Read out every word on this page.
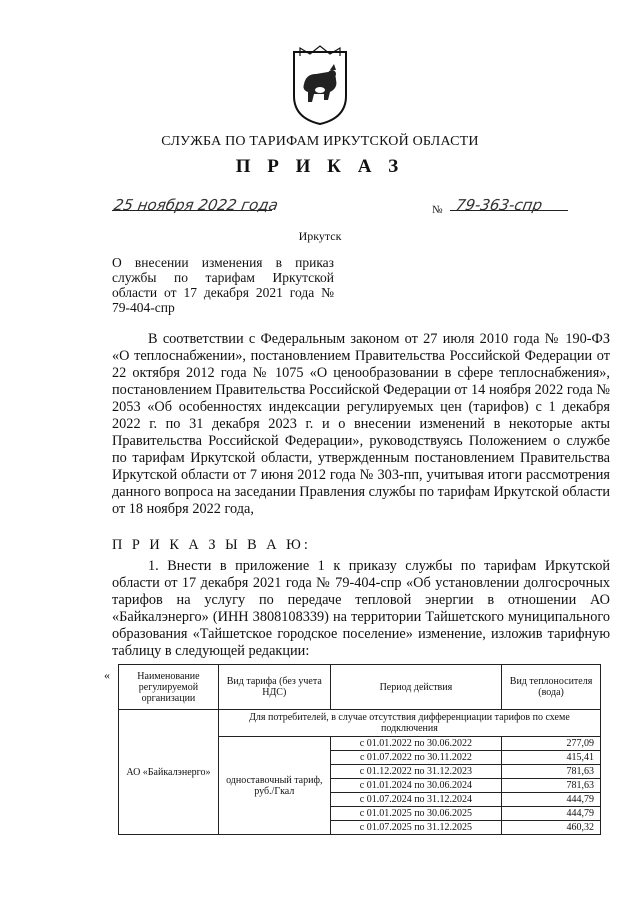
СЛУЖБА ПО ТАРИФАМ ИРКУТСКОЙ ОБЛАСТИ
П Р И К А З
25 ноября 2022 года	№ 79-363-спр
Иркутск
О внесении изменения в приказ службы по тарифам Иркутской области от 17 декабря 2021 года № 79-404-спр
В соответствии с Федеральным законом от 27 июля 2010 года № 190-ФЗ «О теплоснабжении», постановлением Правительства Российской Федерации от 22 октября 2012 года № 1075 «О ценообразовании в сфере теплоснабжения», постановлением Правительства Российской Федерации от 14 ноября 2022 года № 2053 «Об особенностях индексации регулируемых цен (тарифов) с 1 декабря 2022 г. по 31 декабря 2023 г. и о внесении изменений в некоторые акты Правительства Российской Федерации», руководствуясь Положением о службе по тарифам Иркутской области, утвержденным постановлением Правительства Иркутской области от 7 июня 2012 года № 303-пп, учитывая итоги рассмотрения данного вопроса на заседании Правления службы по тарифам Иркутской области от 18 ноября 2022 года,
П Р И К А З Ы В А Ю:
1. Внести в приложение 1 к приказу службы по тарифам Иркутской области от 17 декабря 2021 года № 79-404-спр «Об установлении долгосрочных тарифов на услугу по передаче тепловой энергии в отношении АО «Байкалэнерго» (ИНН 3808108339) на территории Тайшетского муниципального образования «Тайшетское городское поселение» изменение, изложив тарифную таблицу в следующей редакции:
«	Наименование регулируемой организации	Вид тарифа (без учета НДС)	Период действия	Вид теплоносителя (вода)
АО «Байкалэнерго»	Для потребителей, в случае отсутствия дифференциации тарифов по схеме подключения		
	одноставочный тариф, руб./Гкал	с 01.01.2022 по 30.06.2022	277,09
		с 01.07.2022 по 30.11.2022	415,41
		с 01.12.2022 по 31.12.2023	781,63
		с 01.01.2024 по 30.06.2024	781,63
		с 01.07.2024 по 31.12.2024	444,79
		с 01.01.2025 по 30.06.2025	444,79
		с 01.07.2025 по 31.12.2025	460,32
